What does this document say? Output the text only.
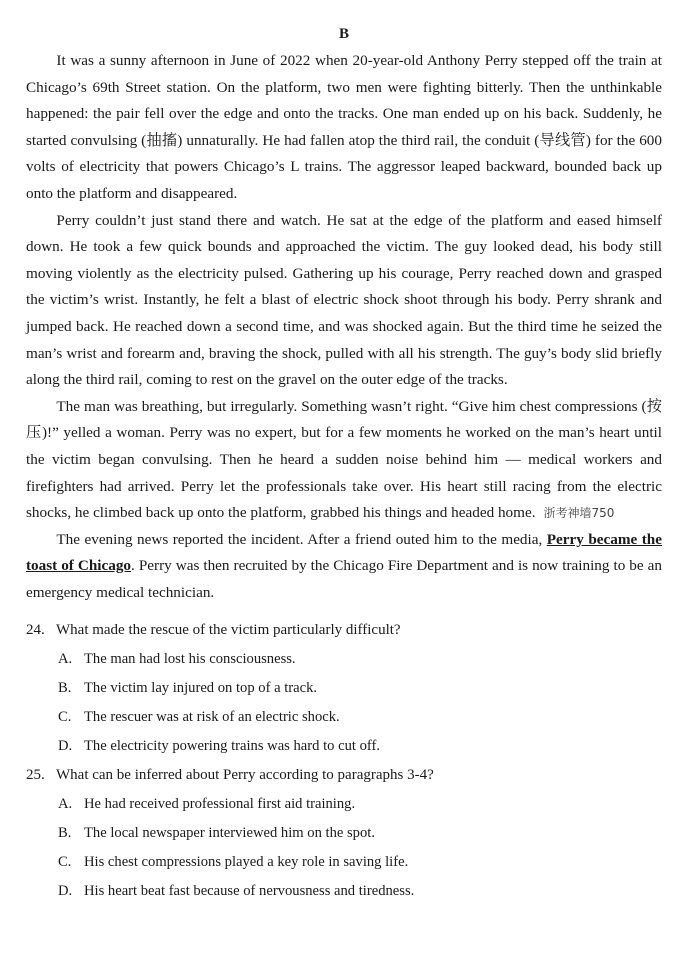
B

It was a sunny afternoon in June of 2022 when 20-year-old Anthony Perry stepped off the train at Chicago’s 69th Street station. On the platform, two men were fighting bitterly. Then the unthinkable happened: the pair fell over the edge and onto the tracks. One man ended up on his back. Suddenly, he started convulsing (抽搐) unnaturally. He had fallen atop the third rail, the conduit (导线管) for the 600 volts of electricity that powers Chicago’s L trains. The aggressor leaped backward, bounded back up onto the platform and disappeared.

Perry couldn’t just stand there and watch. He sat at the edge of the platform and eased himself down. He took a few quick bounds and approached the victim. The guy looked dead, his body still moving violently as the electricity pulsed. Gathering up his courage, Perry reached down and grasped the victim’s wrist. Instantly, he felt a blast of electric shock shoot through his body. Perry shrank and jumped back. He reached down a second time, and was shocked again. But the third time he seized the man’s wrist and forearm and, braving the shock, pulled with all his strength. The guy’s body slid briefly along the third rail, coming to rest on the gravel on the outer edge of the tracks.

The man was breathing, but irregularly. Something wasn’t right. “Give him chest compressions (按压)!” yelled a woman. Perry was no expert, but for a few moments he worked on the man’s heart until the victim began convulsing. Then he heard a sudden noise behind him — medical workers and firefighters had arrived. Perry let the professionals take over. His heart still racing from the electric shocks, he climbed back up onto the platform, grabbed his things and headed home. 浙考神墙750

The evening news reported the incident. After a friend outed him to the media, Perry became the toast of Chicago. Perry was then recruited by the Chicago Fire Department and is now training to be an emergency medical technician.

24. What made the rescue of the victim particularly difficult?
A. The man had lost his consciousness.
B. The victim lay injured on top of a track.
C. The rescuer was at risk of an electric shock.
D. The electricity powering trains was hard to cut off.
25. What can be inferred about Perry according to paragraphs 3-4?
A. He had received professional first aid training.
B. The local newspaper interviewed him on the spot.
C. His chest compressions played a key role in saving life.
D. His heart beat fast because of nervousness and tiredness.
